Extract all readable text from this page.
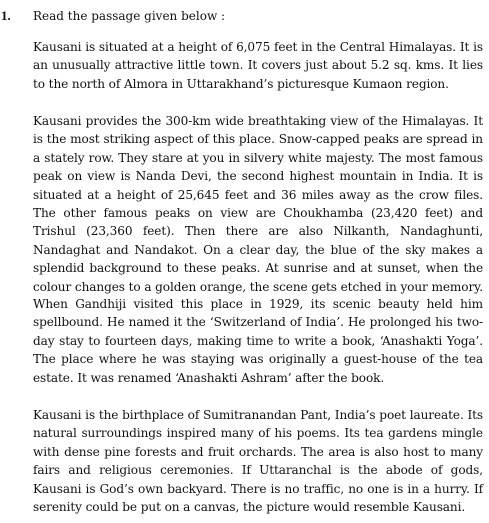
1. Read the passage given below :

Kausani is situated at a height of 6,075 feet in the Central Himalayas. It is an unusually attractive little town. It covers just about 5.2 sq. kms. It lies to the north of Almora in Uttarakhand’s picturesque Kumaon region.

Kausani provides the 300-km wide breathtaking view of the Himalayas. It is the most striking aspect of this place. Snow-capped peaks are spread in a stately row. They stare at you in silvery white majesty. The most famous peak on view is Nanda Devi, the second highest mountain in India. It is situated at a height of 25,645 feet and 36 miles away as the crow files. The other famous peaks on view are Choukhamba (23,420 feet) and Trishul (23,360 feet). Then there are also Nilkanth, Nandaghunti, Nandaghat and Nandakot. On a clear day, the blue of the sky makes a splendid background to these peaks. At sunrise and at sunset, when the colour changes to a golden orange, the scene gets etched in your memory.

When Gandhiji visited this place in 1929, its scenic beauty held him spellbound. He named it the ‘Switzerland of India’. He prolonged his two-day stay to fourteen days, making time to write a book, ‘Anashakti Yoga’. The place where he was staying was originally a guest-house of the tea estate. It was renamed ‘Anashakti Ashram’ after the book.

Kausani is the birthplace of Sumitranandan Pant, India’s poet laureate. Its natural surroundings inspired many of his poems. Its tea gardens mingle with dense pine forests and fruit orchards. The area is also host to many fairs and religious ceremonies. If Uttaranchal is the abode of gods, Kausani is God’s own backyard. There is no traffic, no one is in a hurry. If serenity could be put on a canvas, the picture would resemble Kausani.
